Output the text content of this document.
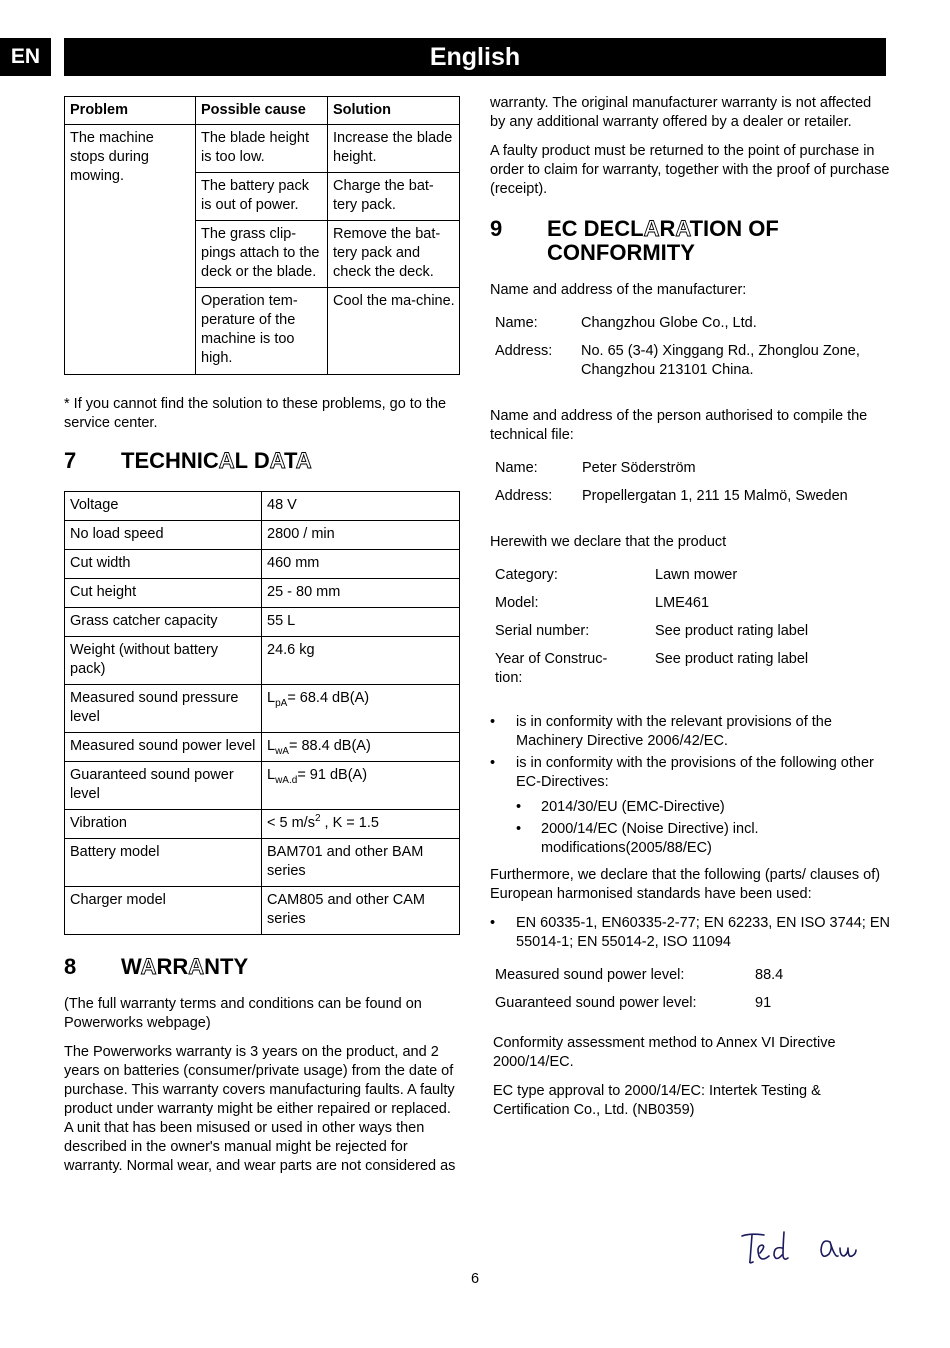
EN	English
Problem	Possible cause	Solution
The machine stops during mowing.	The blade height is too low.	Increase the blade height.
	The battery pack is out of power.	Charge the bat-tery pack.
	The grass clip-pings attach to the deck or the blade.	Remove the bat-tery pack and check the deck.
	Operation tem-perature of the machine is too high.	Cool the ma-chine.

* If you cannot find the solution to these problems, go to the service center.

7	TECHNICAL DATA
Voltage	48 V
No load speed	2800 / min
Cut width	460 mm
Cut height	25 - 80 mm
Grass catcher capacity	55 L
Weight (without battery pack)	24.6 kg
Measured sound pressure level	$L_{pA}= 68.4$ dB(A)
Measured sound power level	$L_{wA}= 88.4$ dB(A)
Guaranteed sound power level	$L_{wA.d}= 91$ dB(A)
Vibration	< 5 $m/s^2$ , K = 1.5
Battery model	BAM701 and other BAM series
Charger model	CAM805 and other CAM series
8	WARRANTY

(The full warranty terms and conditions can be found on Powerworks webpage)

The Powerworks warranty is 3 years on the product, and 2 years on batteries (consumer/private usage) from the date of purchase. This warranty covers manufacturing faults. A faulty product under warranty might be either repaired or replaced. A unit that has been misused or used in other ways then described in the owner's manual might be rejected for warranty. Normal wear, and wear parts are not considered as

warranty. The original manufacturer warranty is not affected by any additional warranty offered by a dealer or retailer.

A faulty product must be returned to the point of purchase in order to claim for warranty, together with the proof of purchase (receipt).

9	EC DECLARATION OF
CONFORMITY

Name and address of the manufacturer:

Name:	Changzhou Globe Co., Ltd.
Address:	No. 65 (3-4) Xinggang Rd., Zhonglou Zone, Changzhou 213101 China.

Name and address of the person authorised to compile the technical file:

Name:	Peter Söderström
Address:	Propellergatan 1, 211 15 Malmö, Sweden

Herewith we declare that the product

Category:	Lawn mower
Model:	LME461
Serial number:	See product rating label
Year of Construc-tion:	See product rating label
• is in conformity with the relevant provisions of the Machinery Directive 2006/42/EC.
• is in conformity with the provisions of the following other EC-Directives:
• 2014/30/EU (EMC-Directive)
• 2000/14/EC (Noise Directive) incl. modifications(2005/88/EC)

Furthermore, we declare that the following (parts/ clauses of) European harmonised standards have been used:

• EN 60335-1, EN60335-2-77; EN 62233, EN ISO 3744; EN 55014-1; EN 55014-2, ISO 11094
Measured sound power level:	88.4
Guaranteed sound power level:	91

Conformity assessment method to Annex VI Directive 2000/14/EC.

EC type approval to 2000/14/EC: Intertek Testing & Certification Co., Ltd. (NB0359)

6
